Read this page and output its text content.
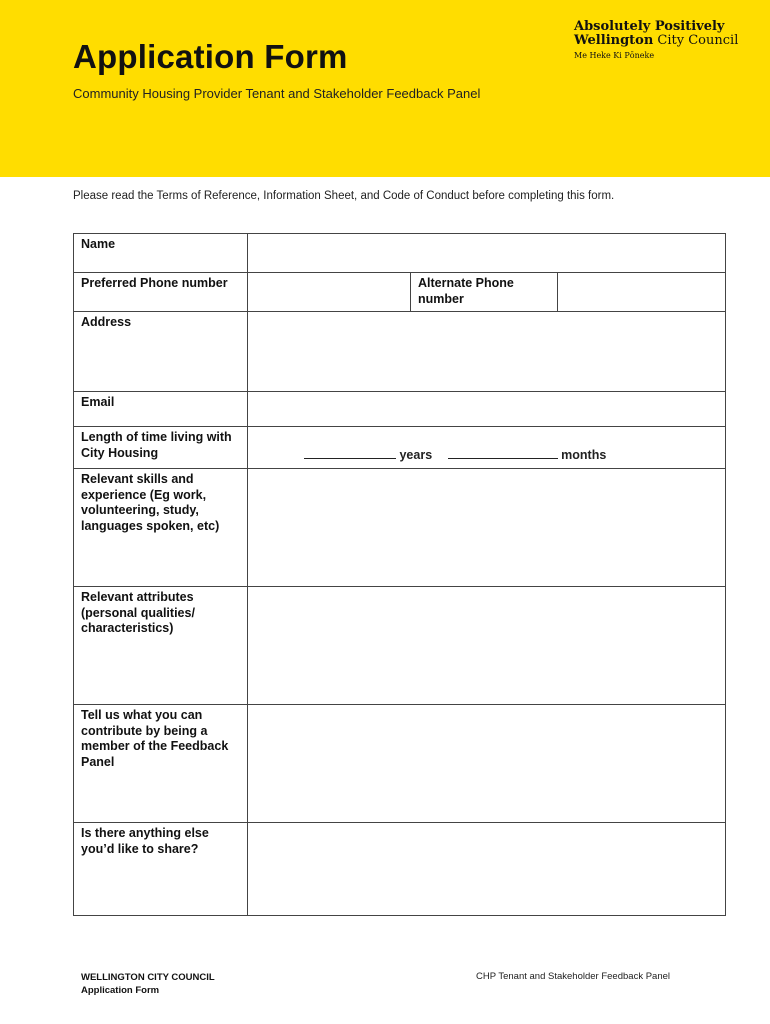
Application Form

Community Housing Provider Tenant and Stakeholder Feedback Panel

Absolutely Positively
Wellington City Council
Me Heke Ki Pōneke

Please read the Terms of Reference, Information Sheet, and Code of Conduct before completing this form.

Name			
Preferred Phone number		Alternate Phone number	
Address			
Email			
Length of time living with City Housing	years months		
Relevant skills and experience (Eg work, volunteering, study, languages spoken, etc)			
Relevant attributes (personal qualities/ characteristics)			
Tell us what you can contribute by being a member of the Feedback Panel			
Is there anything else you’d like to share?			
WELLINGTON CITY COUNCIL
Application Form
CHP Tenant and Stakeholder Feedback Panel
